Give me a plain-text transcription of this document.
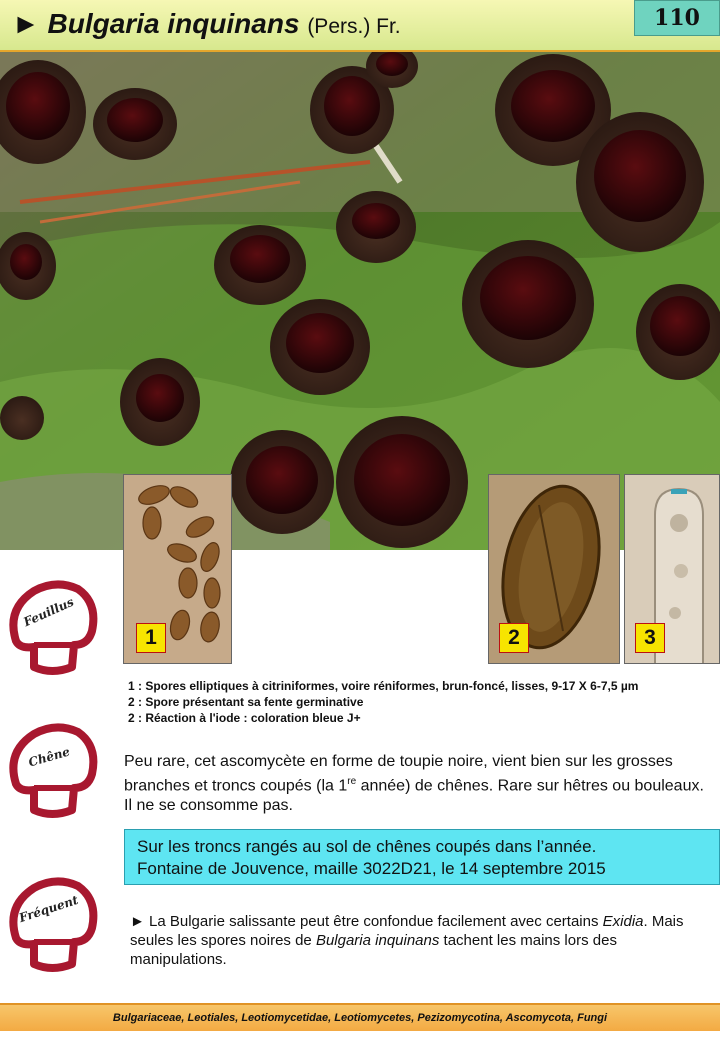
► Bulgaria inquinans (Pers.) Fr.	110
1	2	3
Feuillus
Chêne
Fréquent
1 : Spores elliptiques à citriniformes, voire réniformes, brun-foncé, lisses, 9-17 X 6-7,5 µm
2 : Spore présentant sa fente germinative
2 : Réaction à l'iode : coloration bleue J+
Peu rare, cet ascomycète en forme de toupie noire, vient bien sur les grosses branches et troncs coupés (la 1re année) de chênes. Rare sur hêtres ou bouleaux. Il ne se consomme pas.
Sur les troncs rangés au sol de chênes coupés dans l’année.
Fontaine de Jouvence, maille 3022D21, le 14 septembre 2015
► La Bulgarie salissante peut être confondue facilement avec certains Exidia. Mais seules les spores noires de Bulgaria inquinans tachent les mains lors des manipulations.
Bulgariaceae, Leotiales, Leotiomycetidae, Leotiomycetes, Pezizomycotina, Ascomycota, Fungi
